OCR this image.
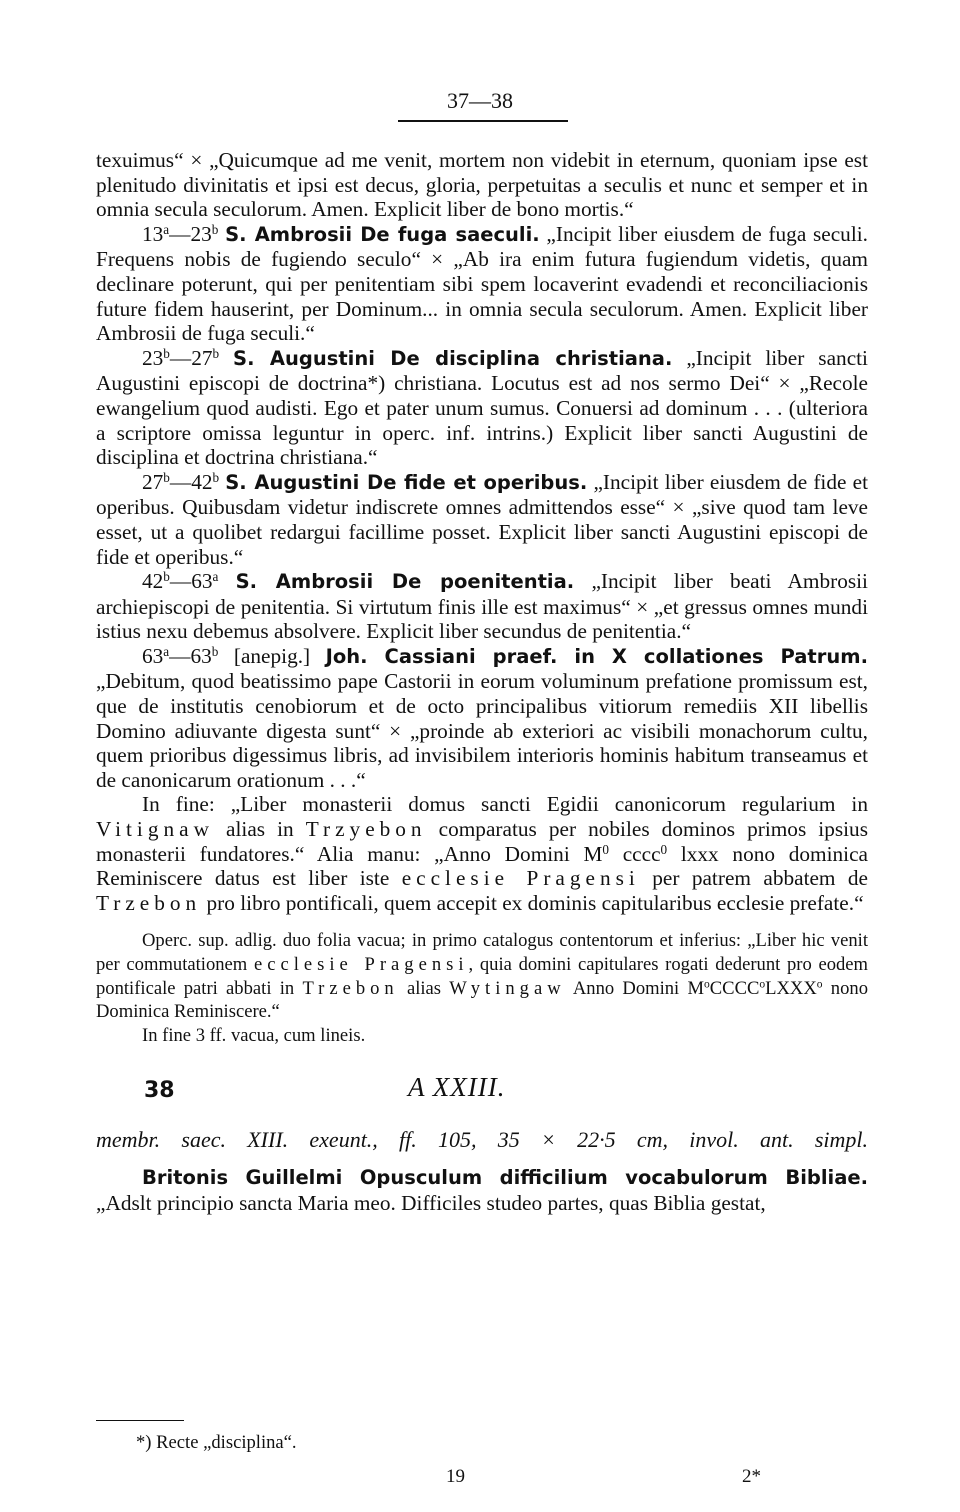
37—38

texuimus“ × „Quicumque ad me venit, mortem non videbit in eternum, quoniam ipse est plenitudo divinitatis et ipsi est decus, gloria, perpetuitas a seculis et nunc et semper et in omnia secula seculorum. Amen. Explicit liber de bono mortis.“

13$^a$—23$^b$ S. Ambrosii De fuga saeculi. „Incipit liber eiusdem de fuga seculi. Frequens nobis de fugiendo seculo“ × „Ab ira enim futura fugiendum videtis, quam declinare poterunt, qui per penitentiam sibi spem locaverint evadendi et reconciliacionis future fidem hauserint, per Dominum... in omnia secula seculorum. Amen. Explicit liber Ambrosii de fuga seculi.“

23$^b$—27$^b$ S. Augustini De disciplina christiana. „Incipit liber sancti Augustini episcopi de doctrina*) christiana. Locutus est ad nos sermo Dei“ × „Recole ewangelium quod audisti. Ego et pater unum sumus. Conuersi ad dominum . . . (ulteriora a scriptore omissa leguntur in operc. inf. intrins.) Explicit liber sancti Augustini de disciplina et doctrina christiana.“

27$^b$—42$^b$ S. Augustini De fide et operibus. „Incipit liber eiusdem de fide et operibus. Quibusdam videtur indiscrete omnes admittendos esse“ × „sive quod tam leve esset, ut a quolibet redargui facillime posset. Explicit liber sancti Augustini episcopi de fide et operibus.“

42$^b$—63$^a$ S. Ambrosii De poenitentia. „Incipit liber beati Ambrosii archiepiscopi de penitentia. Si virtutum finis ille est maximus“ × „et gressus omnes mundi istius nexu debemus absolvere. Explicit liber secundus de penitentia.“

63$^a$—63$^b$ [anepig.] Joh. Cassiani praef. in X collationes Patrum. „Debitum, quod beatissimo pape Castorii in eorum voluminum prefatione promissum est, que de institutis cenobiorum et de octo principalibus vitiorum remediis XII libellis Domino adiuvante digesta sunt“ × „proinde ab exteriori ac visibili monachorum cultu, quem prioribus digessimus libris, ad invisibilem interioris hominis habitum transeamus et de canonicarum orationum . . .“

In fine: „Liber monasterii domus sancti Egidii canonicorum regularium in Vitignaw alias in Trzyebon comparatus per nobiles dominos primos ipsius monasterii fundatores.“ Alia manu: „Anno Domini $M^0$ cccc$^0$ lxxx nono dominica Reminiscere datus est liber iste ecclesie Pragensi per patrem abbatem de Trzebon pro libro pontificali, quem accepit ex dominis capitularibus ecclesie prefate.“

Operc. sup. adlig. duo folia vacua; in primo catalogus contentorum et inferius: „Liber hic venit per commutationem ecclesie Pragensi, quia domini capitulares rogati dederunt pro eodem pontificale patri abbati in Trzebon alias Wytingaw Anno Domini $M^oCCCC^oLXXX^o$ nono Dominica Reminiscere.“

In fine 3 ff. vacua, cum lineis.

38	A XXIII.

membr. saec. XIII. exeunt., ff. 105, 35 × 22·5 cm, invol. ant. simpl.

Britonis Guillelmi Opusculum difficilium vocabulorum Bibliae. „Adslt principio sancta Maria meo. Difficiles studeo partes, quas Biblia gestat,

*) Recte „disciplina“.
19	2*
